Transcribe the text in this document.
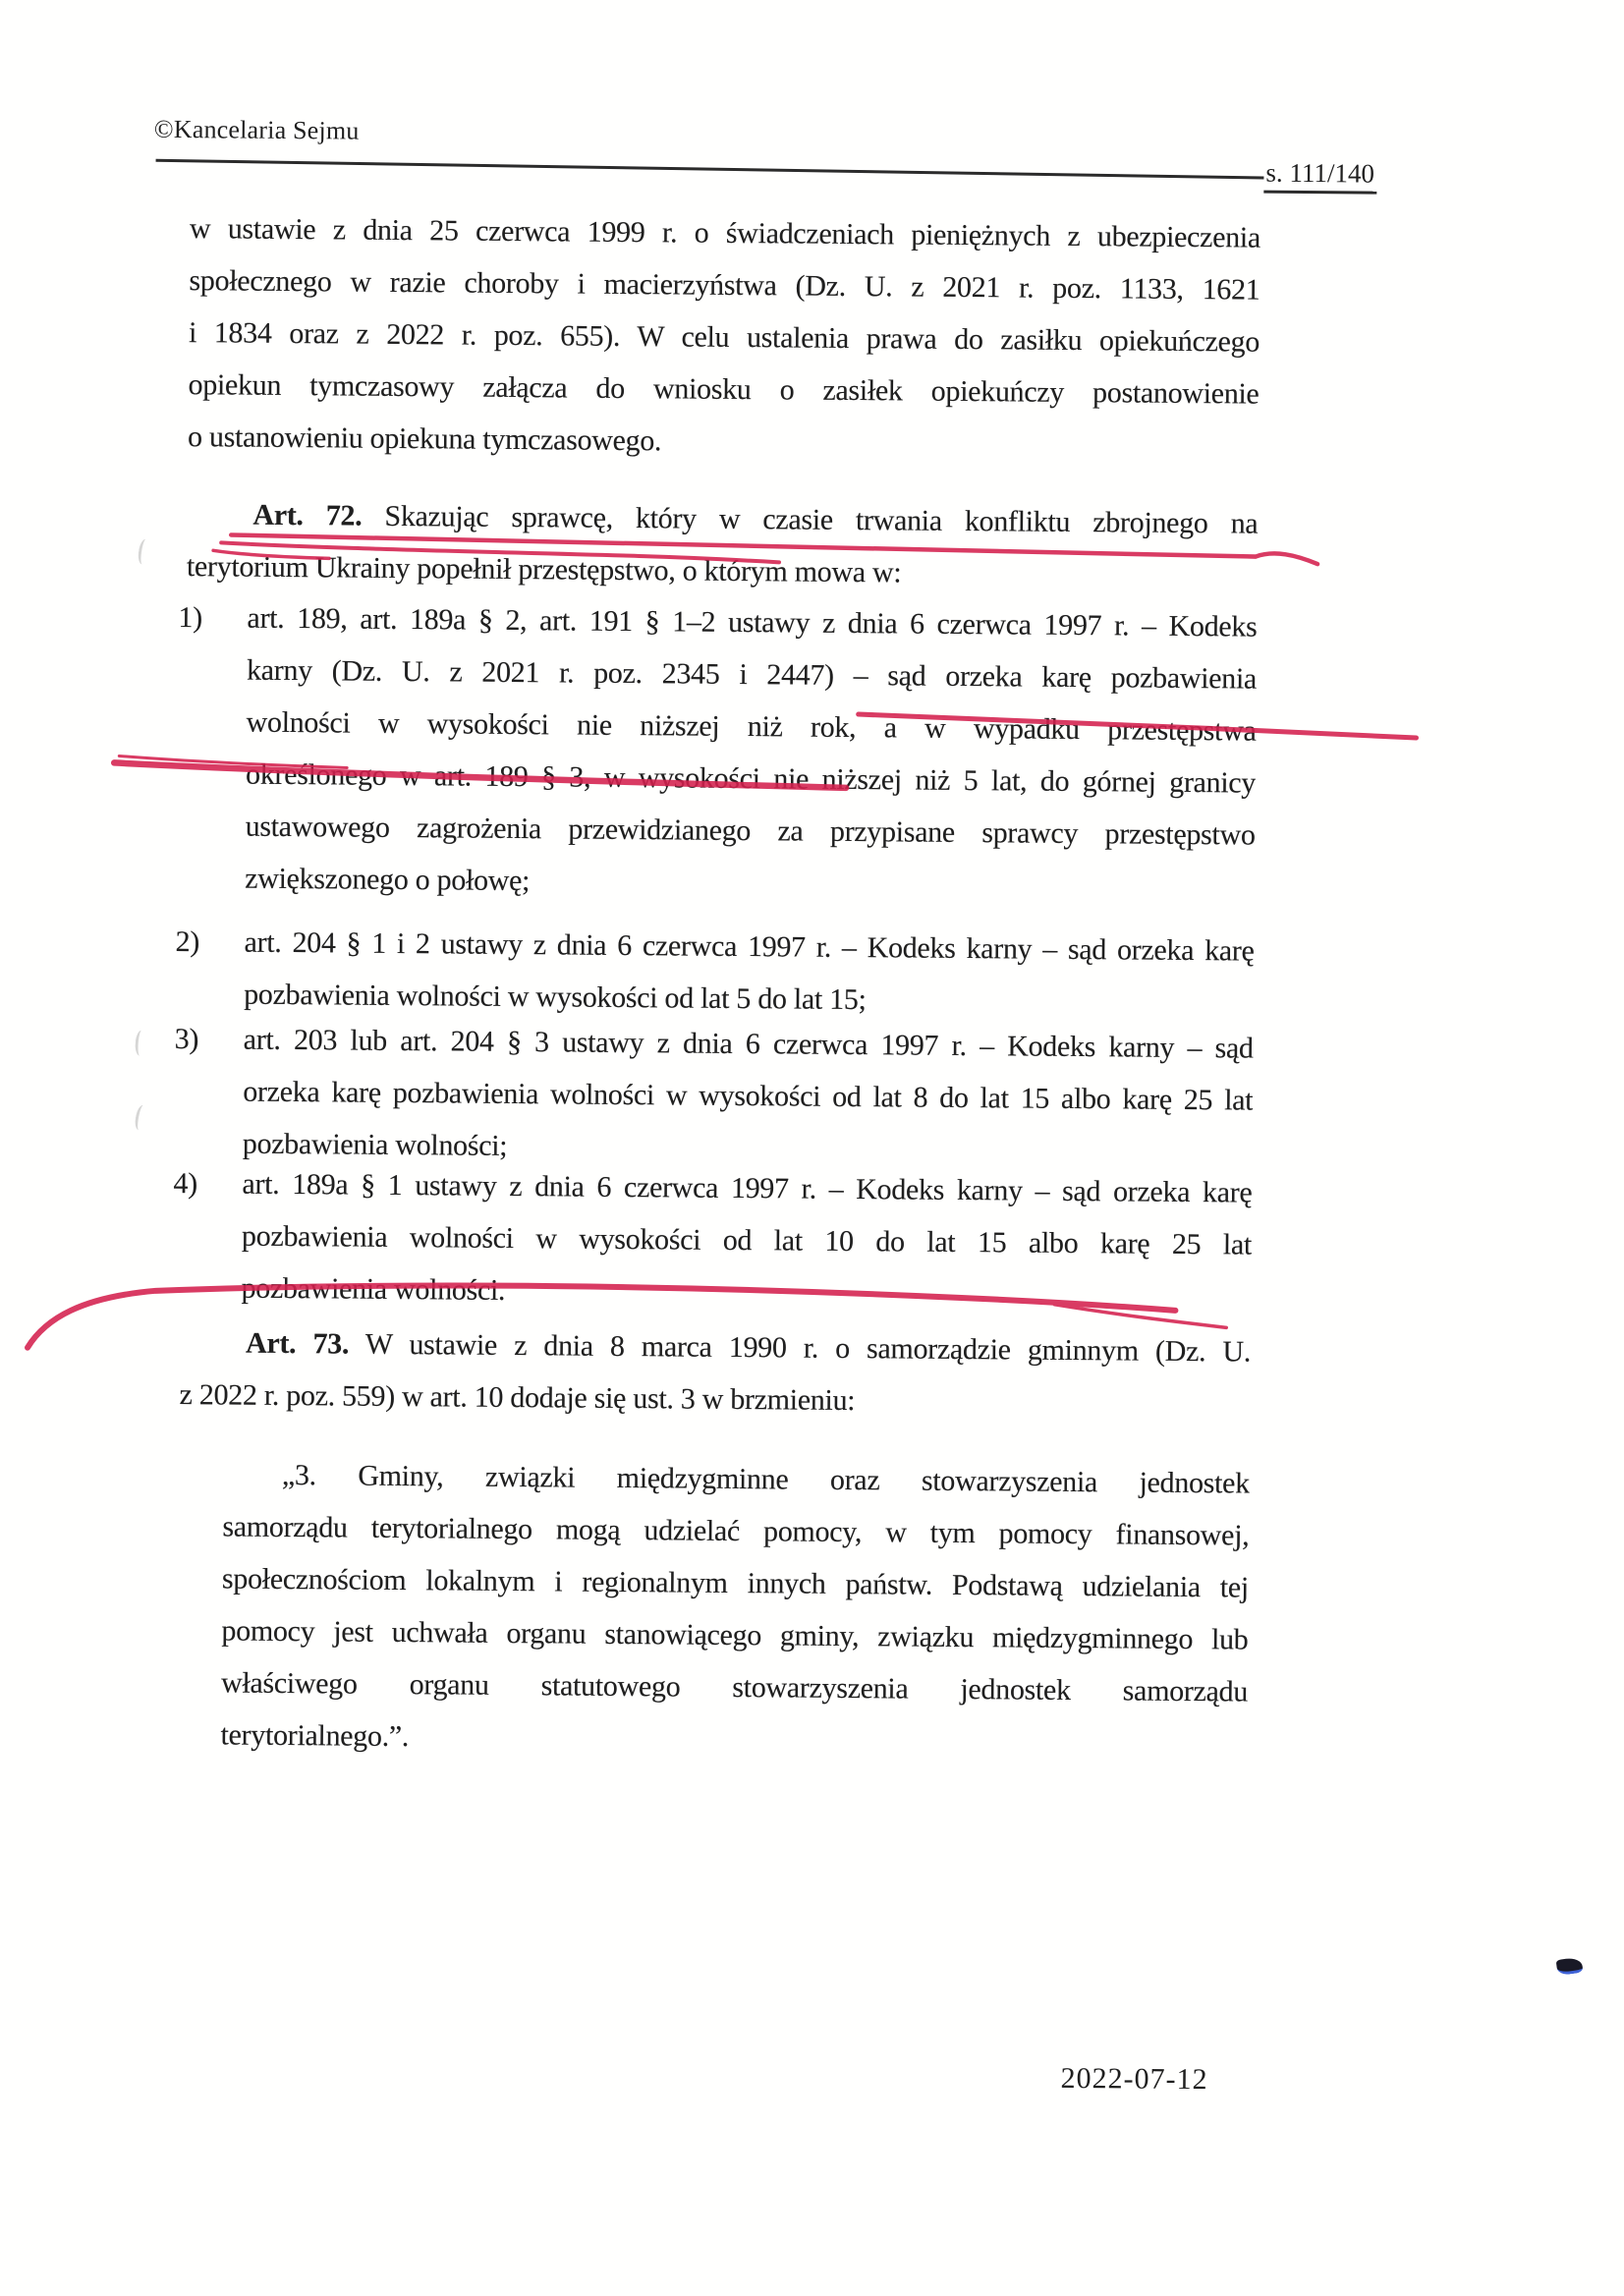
©Kancelaria Sejmu
s. 111/140
w ustawie z dnia 25 czerwca 1999 r. o świadczeniach pieniężnych z ubezpieczenia
społecznego w razie choroby i macierzyństwa (Dz. U. z 2021 r. poz. 1133, 1621
i 1834 oraz z 2022 r. poz. 655). W celu ustalenia prawa do zasiłku opiekuńczego
opiekun tymczasowy załącza do wniosku o zasiłek opiekuńczy postanowienie
o ustanowieniu opiekuna tymczasowego.
Art. 72. Skazując sprawcę, który w czasie trwania konfliktu zbrojnego na
terytorium Ukrainy popełnił przestępstwo, o którym mowa w:
1)	art. 189, art. 189a § 2, art. 191 § 1–2 ustawy z dnia 6 czerwca 1997 r. – Kodeks
karny (Dz. U. z 2021 r. poz. 2345 i 2447) – sąd orzeka karę pozbawienia
wolności w wysokości nie niższej niż rok, a w wypadku przestępstwa
określonego w art. 189 § 3, w wysokości nie niższej niż 5 lat, do górnej granicy
ustawowego zagrożenia przewidzianego za przypisane sprawcy przestępstwo
zwiększonego o połowę;
2)	art. 204 § 1 i 2 ustawy z dnia 6 czerwca 1997 r. – Kodeks karny – sąd orzeka karę
pozbawienia wolności w wysokości od lat 5 do lat 15;
3)	art. 203 lub art. 204 § 3 ustawy z dnia 6 czerwca 1997 r. – Kodeks karny – sąd
orzeka karę pozbawienia wolności w wysokości od lat 8 do lat 15 albo karę 25 lat
pozbawienia wolności;
4)	art. 189a § 1 ustawy z dnia 6 czerwca 1997 r. – Kodeks karny – sąd orzeka karę
pozbawienia wolności w wysokości od lat 10 do lat 15 albo karę 25 lat
pozbawienia wolności.
Art. 73. W ustawie z dnia 8 marca 1990 r. o samorządzie gminnym (Dz. U.
z 2022 r. poz. 559) w art. 10 dodaje się ust. 3 w brzmieniu:
„3. Gminy, związki międzygminne oraz stowarzyszenia jednostek
samorządu terytorialnego mogą udzielać pomocy, w tym pomocy finansowej,
społecznościom lokalnym i regionalnym innych państw. Podstawą udzielania tej
pomocy jest uchwała organu stanowiącego gminy, związku międzygminnego lub
właściwego organu statutowego stowarzyszenia jednostek samorządu
terytorialnego.”.
2022-07-12
